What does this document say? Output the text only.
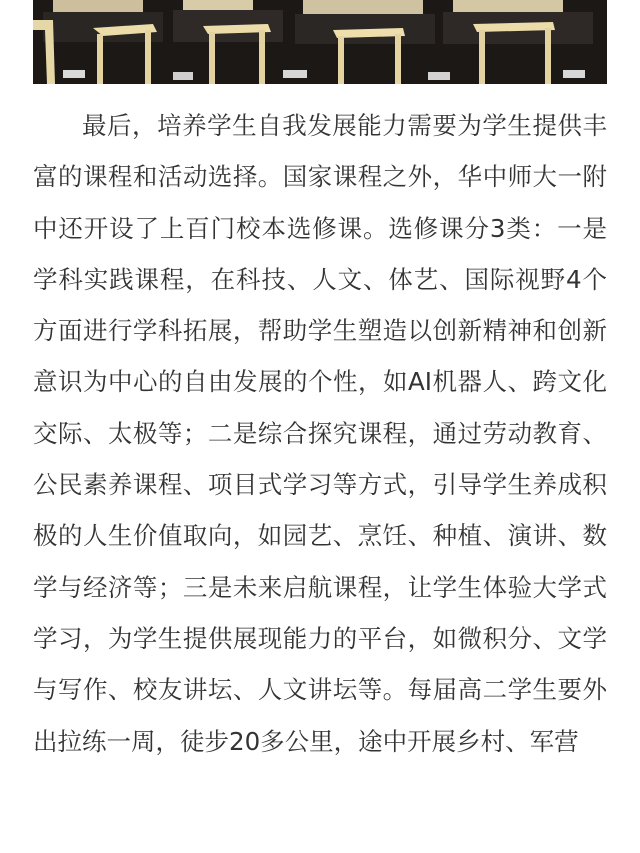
最后，培养学生自我发展能力需要为学生提供丰富的课程和活动选择。国家课程之外，华中师大一附中还开设了上百门校本选修课。选修课分3类：一是学科实践课程，在科技、人文、体艺、国际视野4个方面进行学科拓展，帮助学生塑造以创新精神和创新意识为中心的自由发展的个性，如AI机器人、跨文化交际、太极等；二是综合探究课程，通过劳动教育、公民素养课程、项目式学习等方式，引导学生养成积极的人生价值取向，如园艺、烹饪、种植、演讲、数学与经济等；三是未来启航课程，让学生体验大学式学习，为学生提供展现能力的平台，如微积分、文学与写作、校友讲坛、人文讲坛等。每届高二学生要外出拉练一周，徒步20多公里，途中开展乡村、军营
